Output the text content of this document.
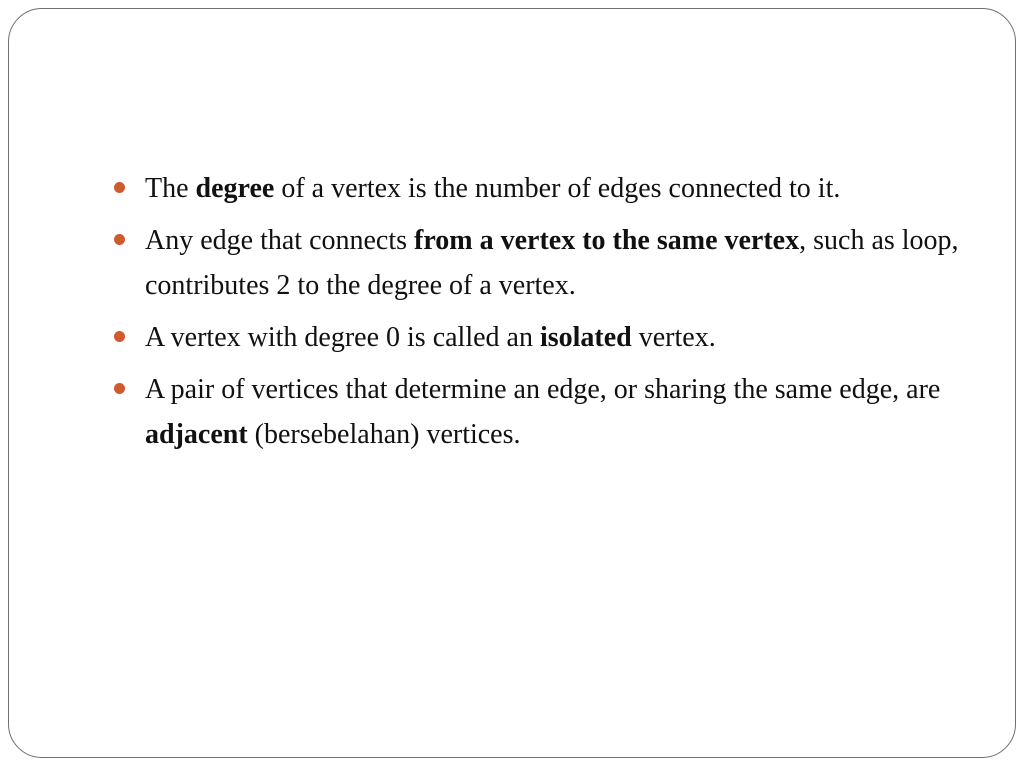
The degree of a vertex is the number of edges connected to it.
Any edge that connects from a vertex to the same vertex, such as loop, contributes 2 to the degree of a vertex.
A vertex with degree 0 is called an isolated vertex.
A pair of vertices that determine an edge, or sharing the same edge, are adjacent (bersebelahan) vertices.
